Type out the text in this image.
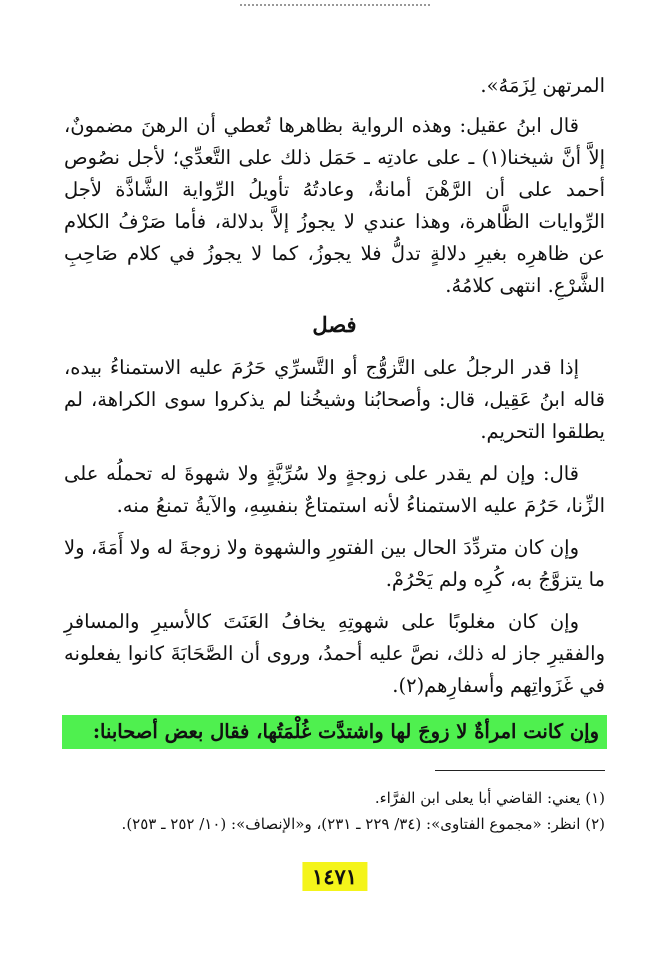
المرتهن لِزَمَهُ».

قال ابنُ عقيل: وهذه الرواية بظاهرها تُعطي أن الرهنَ مضمونٌ، إلاَّ أنَّ شيخنا(١) ـ على عادتِه ـ حَمَل ذلك على التَّعدِّي؛ لأجل نصُوص أحمد على أن الرَّهْنَ أمانةٌ، وعادتُهُ تأويلُ الرِّواية الشَّاذَّة لأجل الرِّوايات الظَّاهرة، وهذا عندي لا يجوزُ إلاَّ بدلالة، فأما صَرْفُ الكلام عن ظاهرِه بغيرِ دلالةٍ تدلُّ فلا يجوزُ، كما لا يجوزُ في كلام صَاحِبِ الشَّرْعِ. انتهى كلامُهُ.

فصل

إذا قدر الرجلُ على التَّزوُّج أو التَّسرِّي حَرُمَ عليه الاستمناءُ بيده، قاله ابنُ عَقِيل، قال: وأصحابُنا وشيخُنا لم يذكروا سوى الكراهة، لم يطلقوا التحريم.

قال: وإن لم يقدر على زوجةٍ ولا سُرِّيَّةٍ ولا شهوةَ له تحملُه على الزِّنا، حَرُمَ عليه الاستمناءُ لأنه استمتاعٌ بنفسِهِ، والآيةُ تمنعُ منه.

وإن كان متردِّدَ الحال بين الفتورِ والشهوة ولا زوجةَ له ولا أَمَةَ، ولا ما يتزوَّجُ به، كُرِه ولم يَحْرُمْ.

وإن كان مغلوبًا على شهوتِهِ يخافُ العَنَتَ كالأسيرِ والمسافرِ والفقيرِ جاز له ذلك، نصَّ عليه أحمدُ، وروى أن الصَّحَابَةَ كانوا يفعلونه في غَزَواتِهم وأسفارِهم(٢).

وإن كانت امرأةٌ لا زوجَ لها واشتدَّت غُلْمَتُها، فقال بعض أصحابنا:

(١) يعني: القاضي أبا يعلى ابن الفرَّاء.

(٢) انظر: «مجموع الفتاوى»: (٣٤/ ٢٢٩ ـ ٢٣١)، و«الإنصاف»: (١٠/ ٢٥٢ ـ ٢٥٣).

١٤٧١
